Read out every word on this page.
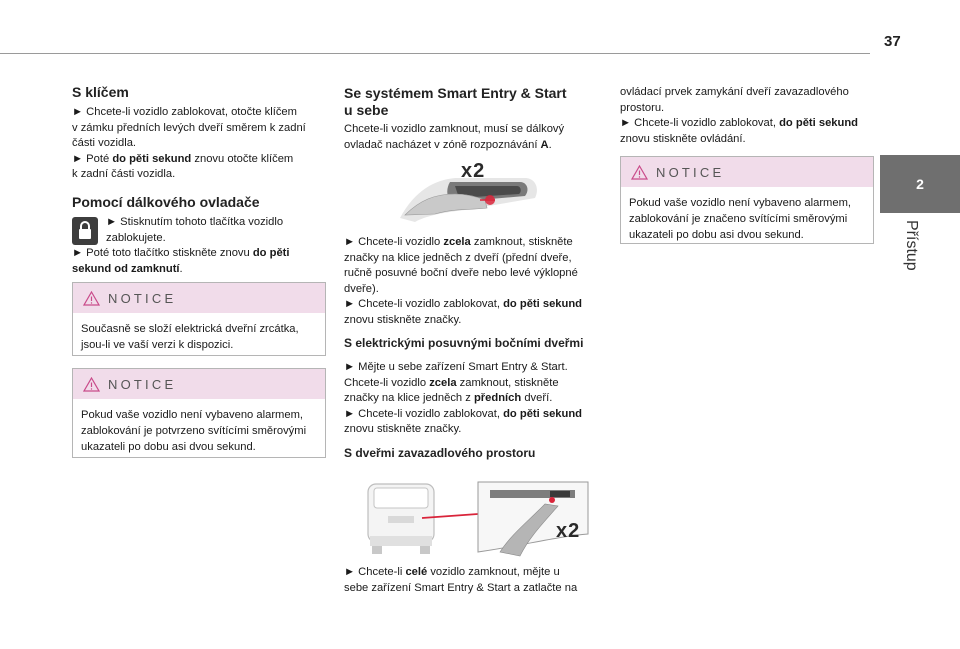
37
2
Přístup
S klíčem

► Chcete-li vozidlo zablokovat, otočte klíčem

v zámku předních levých dveří směrem k zadní

části vozidla.

► Poté do pěti sekund znovu otočte klíčem

k zadní části vozidla.

Pomocí dálkového ovladače

► Stisknutím tohoto tlačítka vozidlo

zablokujete.

► Poté toto tlačítko stiskněte znovu do pěti

sekund od zamknutí.

NOTICE
Současně se složí elektrická dveřní zrcátka,
jsou-li ve vaší verzi k dispozici.
NOTICE
Pokud vaše vozidlo není vybaveno alarmem,
zablokování je potvrzeno svítícími směrovými
ukazateli po dobu asi dvou sekund.
Se systémem Smart Entry & Start
u sebe

Chcete-li vozidlo zamknout, musí se dálkový

ovladač nacházet v zóně rozpoznávání A.

x2

► Chcete-li vozidlo zcela zamknout, stiskněte

značky na klice jedněch z dveří (přední dveře,

ručně posuvné boční dveře nebo levé výklopné

dveře).

► Chcete-li vozidlo zablokovat, do pěti sekund

znovu stiskněte značky.

S elektrickými posuvnými bočními dveřmi

► Mějte u sebe zařízení Smart Entry & Start.

Chcete-li vozidlo zcela zamknout, stiskněte

značky na klice jedněch z předních dveří.

► Chcete-li vozidlo zablokovat, do pěti sekund

znovu stiskněte značky.

S dveřmi zavazadlového prostoru
x2

► Chcete-li celé vozidlo zamknout, mějte u

sebe zařízení Smart Entry & Start a zatlačte na

ovládací prvek zamykání dveří zavazadlového

prostoru.

► Chcete-li vozidlo zablokovat, do pěti sekund

znovu stiskněte ovládání.

NOTICE
Pokud vaše vozidlo není vybaveno alarmem,
zablokování je značeno svítícími směrovými
ukazateli po dobu asi dvou sekund.
